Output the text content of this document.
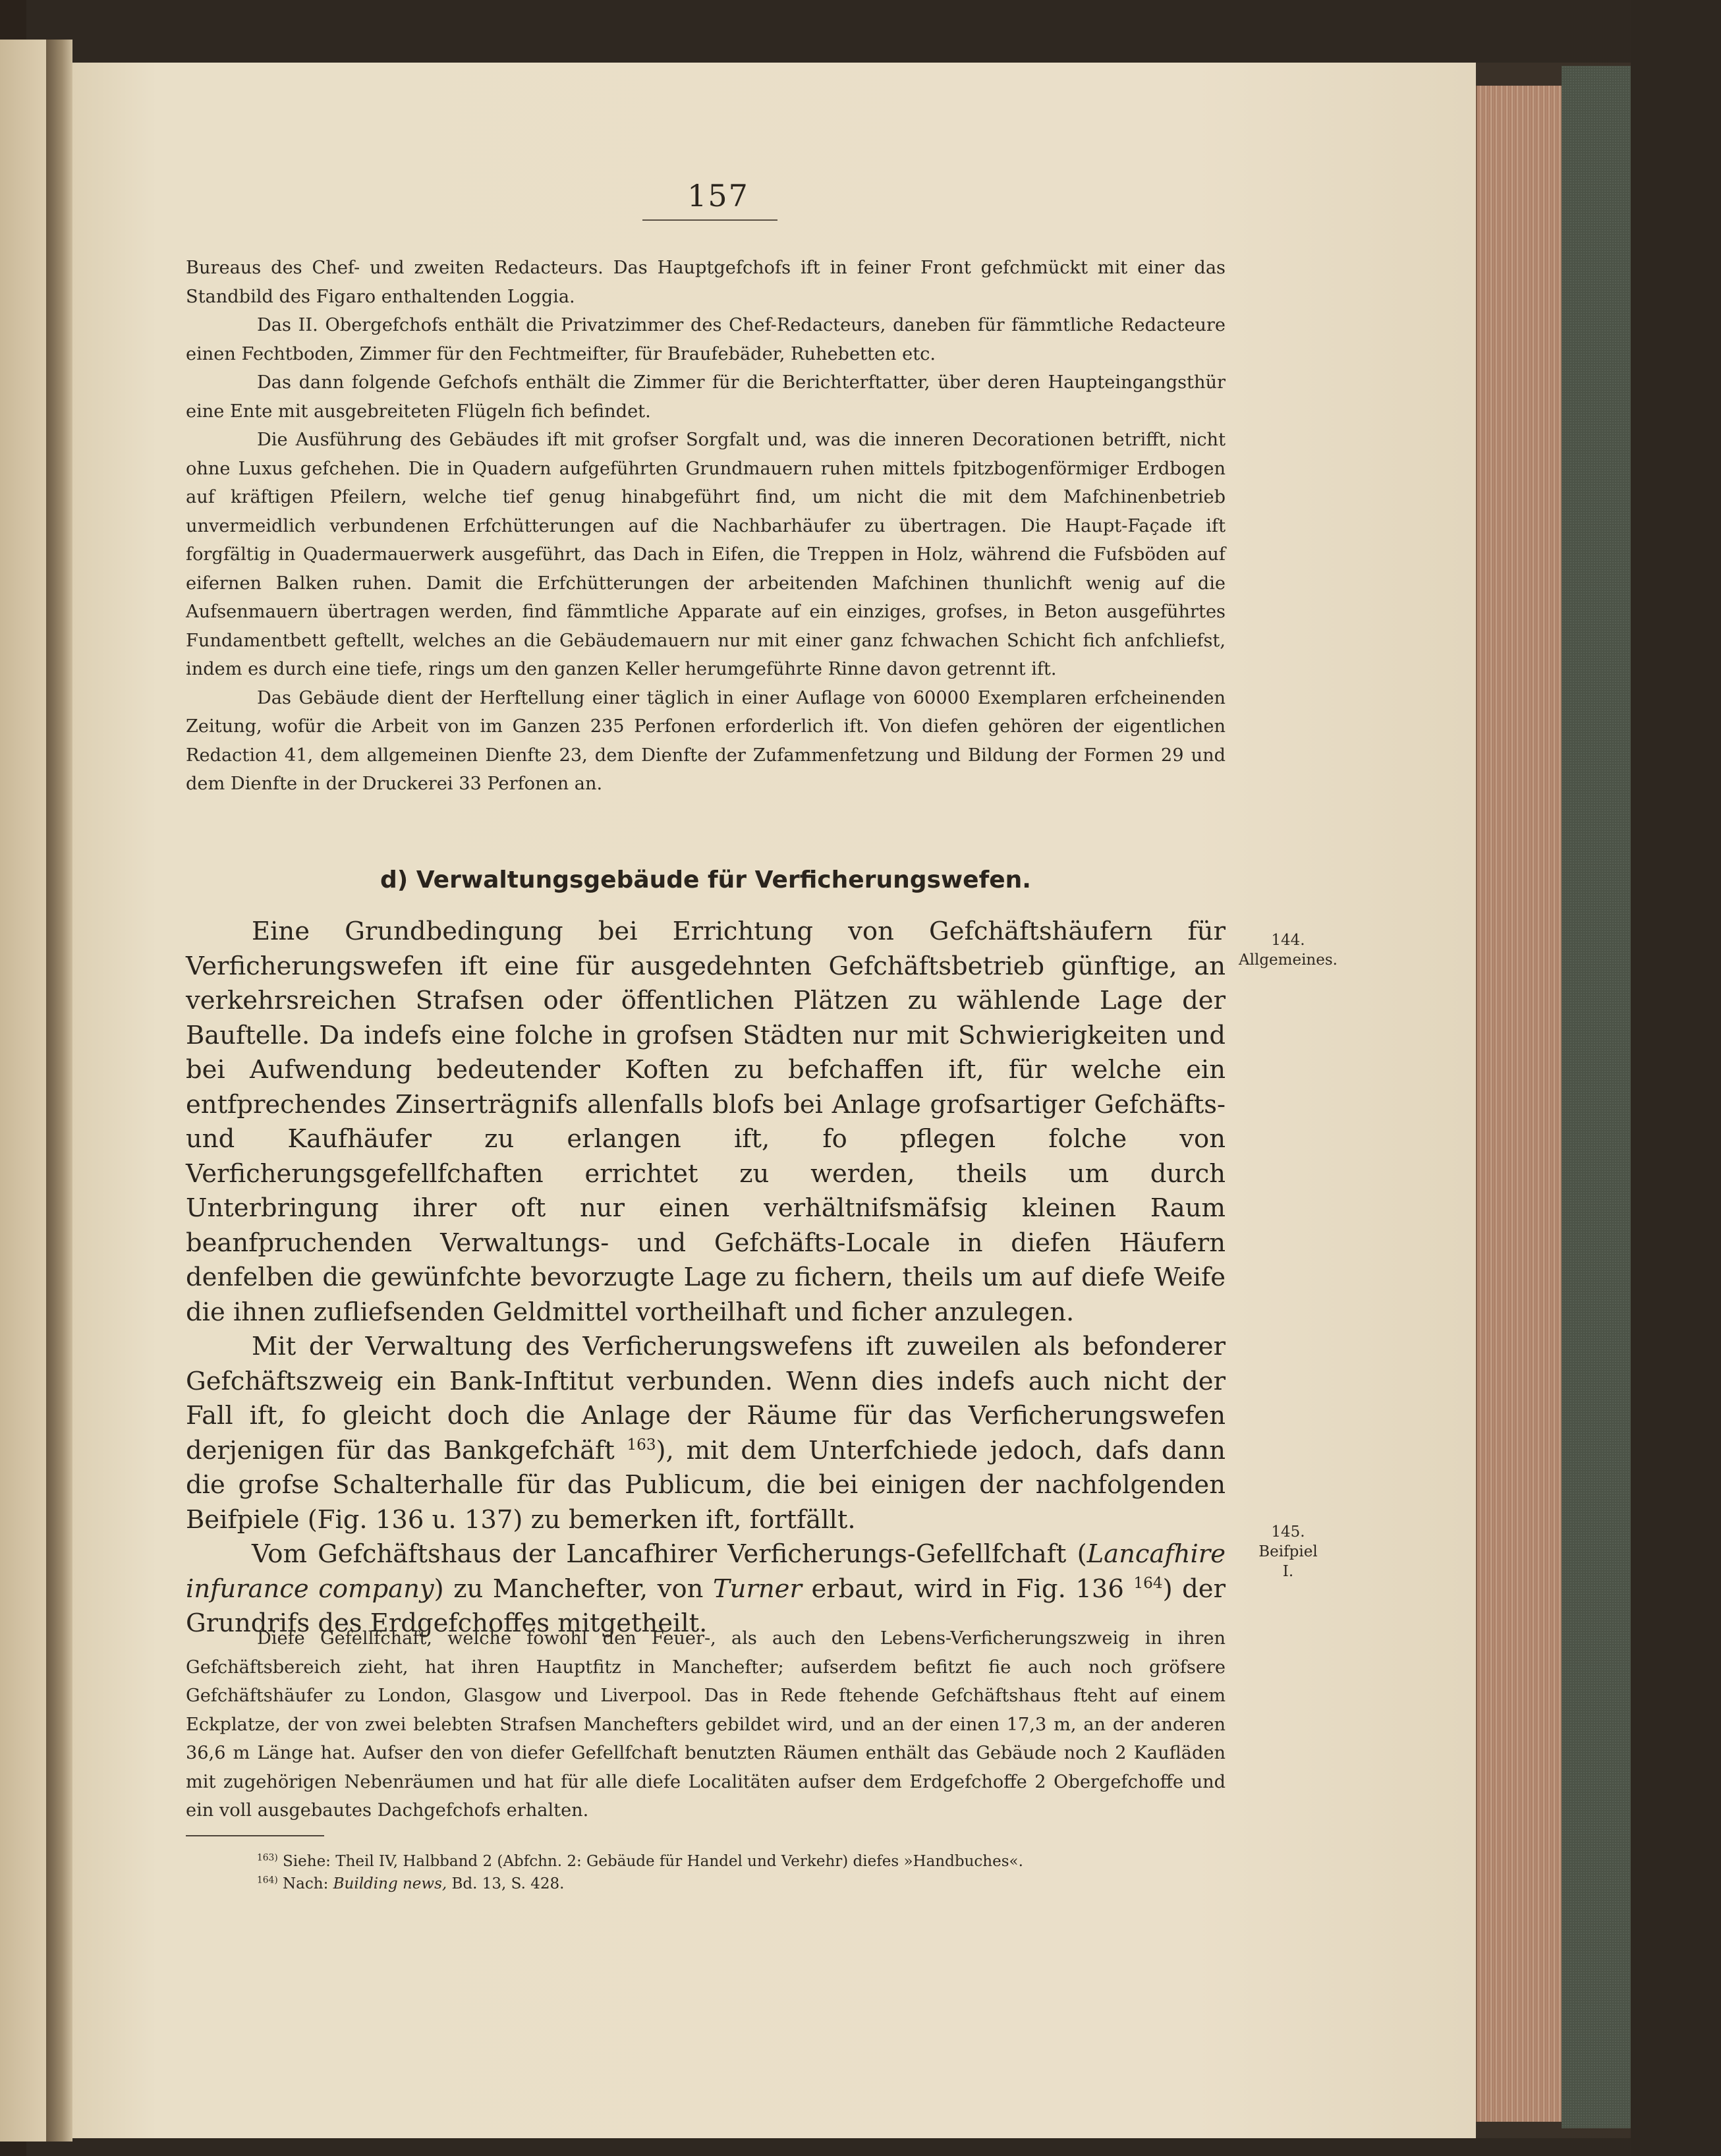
157

Bureaus des Chef- und zweiten Redacteurs. Das Hauptgefchofs ift in feiner Front gefchmückt mit einer das Standbild des Figaro enthaltenden Loggia.

Das II. Obergefchofs enthält die Privatzimmer des Chef-Redacteurs, daneben für fämmtliche Redacteure einen Fechtboden, Zimmer für den Fechtmeifter, für Braufebäder, Ruhebetten etc.

Das dann folgende Gefchofs enthält die Zimmer für die Berichterftatter, über deren Haupteingangsthür eine Ente mit ausgebreiteten Flügeln fich befindet.

Die Ausführung des Gebäudes ift mit grofser Sorgfalt und, was die inneren Decorationen betrifft, nicht ohne Luxus gefchehen. Die in Quadern aufgeführten Grundmauern ruhen mittels fpitzbogenförmiger Erdbogen auf kräftigen Pfeilern, welche tief genug hinabgeführt find, um nicht die mit dem Mafchinenbetrieb unvermeidlich verbundenen Erfchütterungen auf die Nachbarhäufer zu übertragen. Die Haupt-Façade ift forgfältig in Quadermauerwerk ausgeführt, das Dach in Eifen, die Treppen in Holz, während die Fufsböden auf eifernen Balken ruhen. Damit die Erfchütterungen der arbeitenden Mafchinen thunlichft wenig auf die Aufsenmauern übertragen werden, find fämmtliche Apparate auf ein einziges, grofses, in Beton ausgeführtes Fundamentbett geftellt, welches an die Gebäudemauern nur mit einer ganz fchwachen Schicht fich anfchliefst, indem es durch eine tiefe, rings um den ganzen Keller herumgeführte Rinne davon getrennt ift.

Das Gebäude dient der Herftellung einer täglich in einer Auflage von 60000 Exemplaren erfcheinenden Zeitung, wofür die Arbeit von im Ganzen 235 Perfonen erforderlich ift. Von diefen gehören der eigentlichen Redaction 41, dem allgemeinen Dienfte 23, dem Dienfte der Zufammenfetzung und Bildung der Formen 29 und dem Dienfte in der Druckerei 33 Perfonen an.

d) Verwaltungsgebäude für Verficherungswefen.

Eine Grundbedingung bei Errichtung von Gefchäftshäufern für Verficherungswefen ift eine für ausgedehnten Gefchäftsbetrieb günftige, an verkehrsreichen Strafsen oder öffentlichen Plätzen zu wählende Lage der Bauftelle. Da indefs eine folche in grofsen Städten nur mit Schwierigkeiten und bei Aufwendung bedeutender Koften zu befchaffen ift, für welche ein entfprechendes Zinserträgnifs allenfalls blofs bei Anlage grofsartiger Gefchäfts- und Kaufhäufer zu erlangen ift, fo pflegen folche von Verficherungsgefellfchaften errichtet zu werden, theils um durch Unterbringung ihrer oft nur einen verhältnifsmäfsig kleinen Raum beanfpruchenden Verwaltungs- und Gefchäfts-Locale in diefen Häufern denfelben die gewünfchte bevorzugte Lage zu fichern, theils um auf diefe Weife die ihnen zufliefsenden Geldmittel vortheilhaft und ficher anzulegen.

Mit der Verwaltung des Verficherungswefens ift zuweilen als befonderer Gefchäftszweig ein Bank-Inftitut verbunden. Wenn dies indefs auch nicht der Fall ift, fo gleicht doch die Anlage der Räume für das Verficherungswefen derjenigen für das Bankgefchäft $^{163}$), mit dem Unterfchiede jedoch, dafs dann die grofse Schalterhalle für das Publicum, die bei einigen der nachfolgenden Beifpiele (Fig. 136 u. 137) zu bemerken ift, fortfällt.

Vom Gefchäftshaus der Lancafhirer Verficherungs-Gefellfchaft (Lancafhire infurance company) zu Manchefter, von Turner erbaut, wird in Fig. 136 $^{164}$) der Grundrifs des Erdgefchoffes mitgetheilt.

Diefe Gefellfchaft, welche fowohl den Feuer-, als auch den Lebens-Verficherungszweig in ihren Gefchäftsbereich zieht, hat ihren Hauptfitz in Manchefter; aufserdem befitzt fie auch noch gröfsere Gefchäftshäufer zu London, Glasgow und Liverpool. Das in Rede ftehende Gefchäftshaus fteht auf einem Eckplatze, der von zwei belebten Strafsen Manchefters gebildet wird, und an der einen 17,3 m, an der anderen 36,6 m Länge hat. Aufser den von diefer Gefellfchaft benutzten Räumen enthält das Gebäude noch 2 Kaufläden mit zugehörigen Nebenräumen und hat für alle diefe Localitäten aufser dem Erdgefchoffe 2 Obergefchoffe und ein voll ausgebautes Dachgefchofs erhalten.

144.
Allgemeines.
145.
Beifpiel
I.
$^{163)}$ Siehe: Theil IV, Halbband 2 (Abfchn. 2: Gebäude für Handel und Verkehr) diefes »Handbuches«.
$^{164)}$ Nach: Building news, Bd. 13, S. 428.
